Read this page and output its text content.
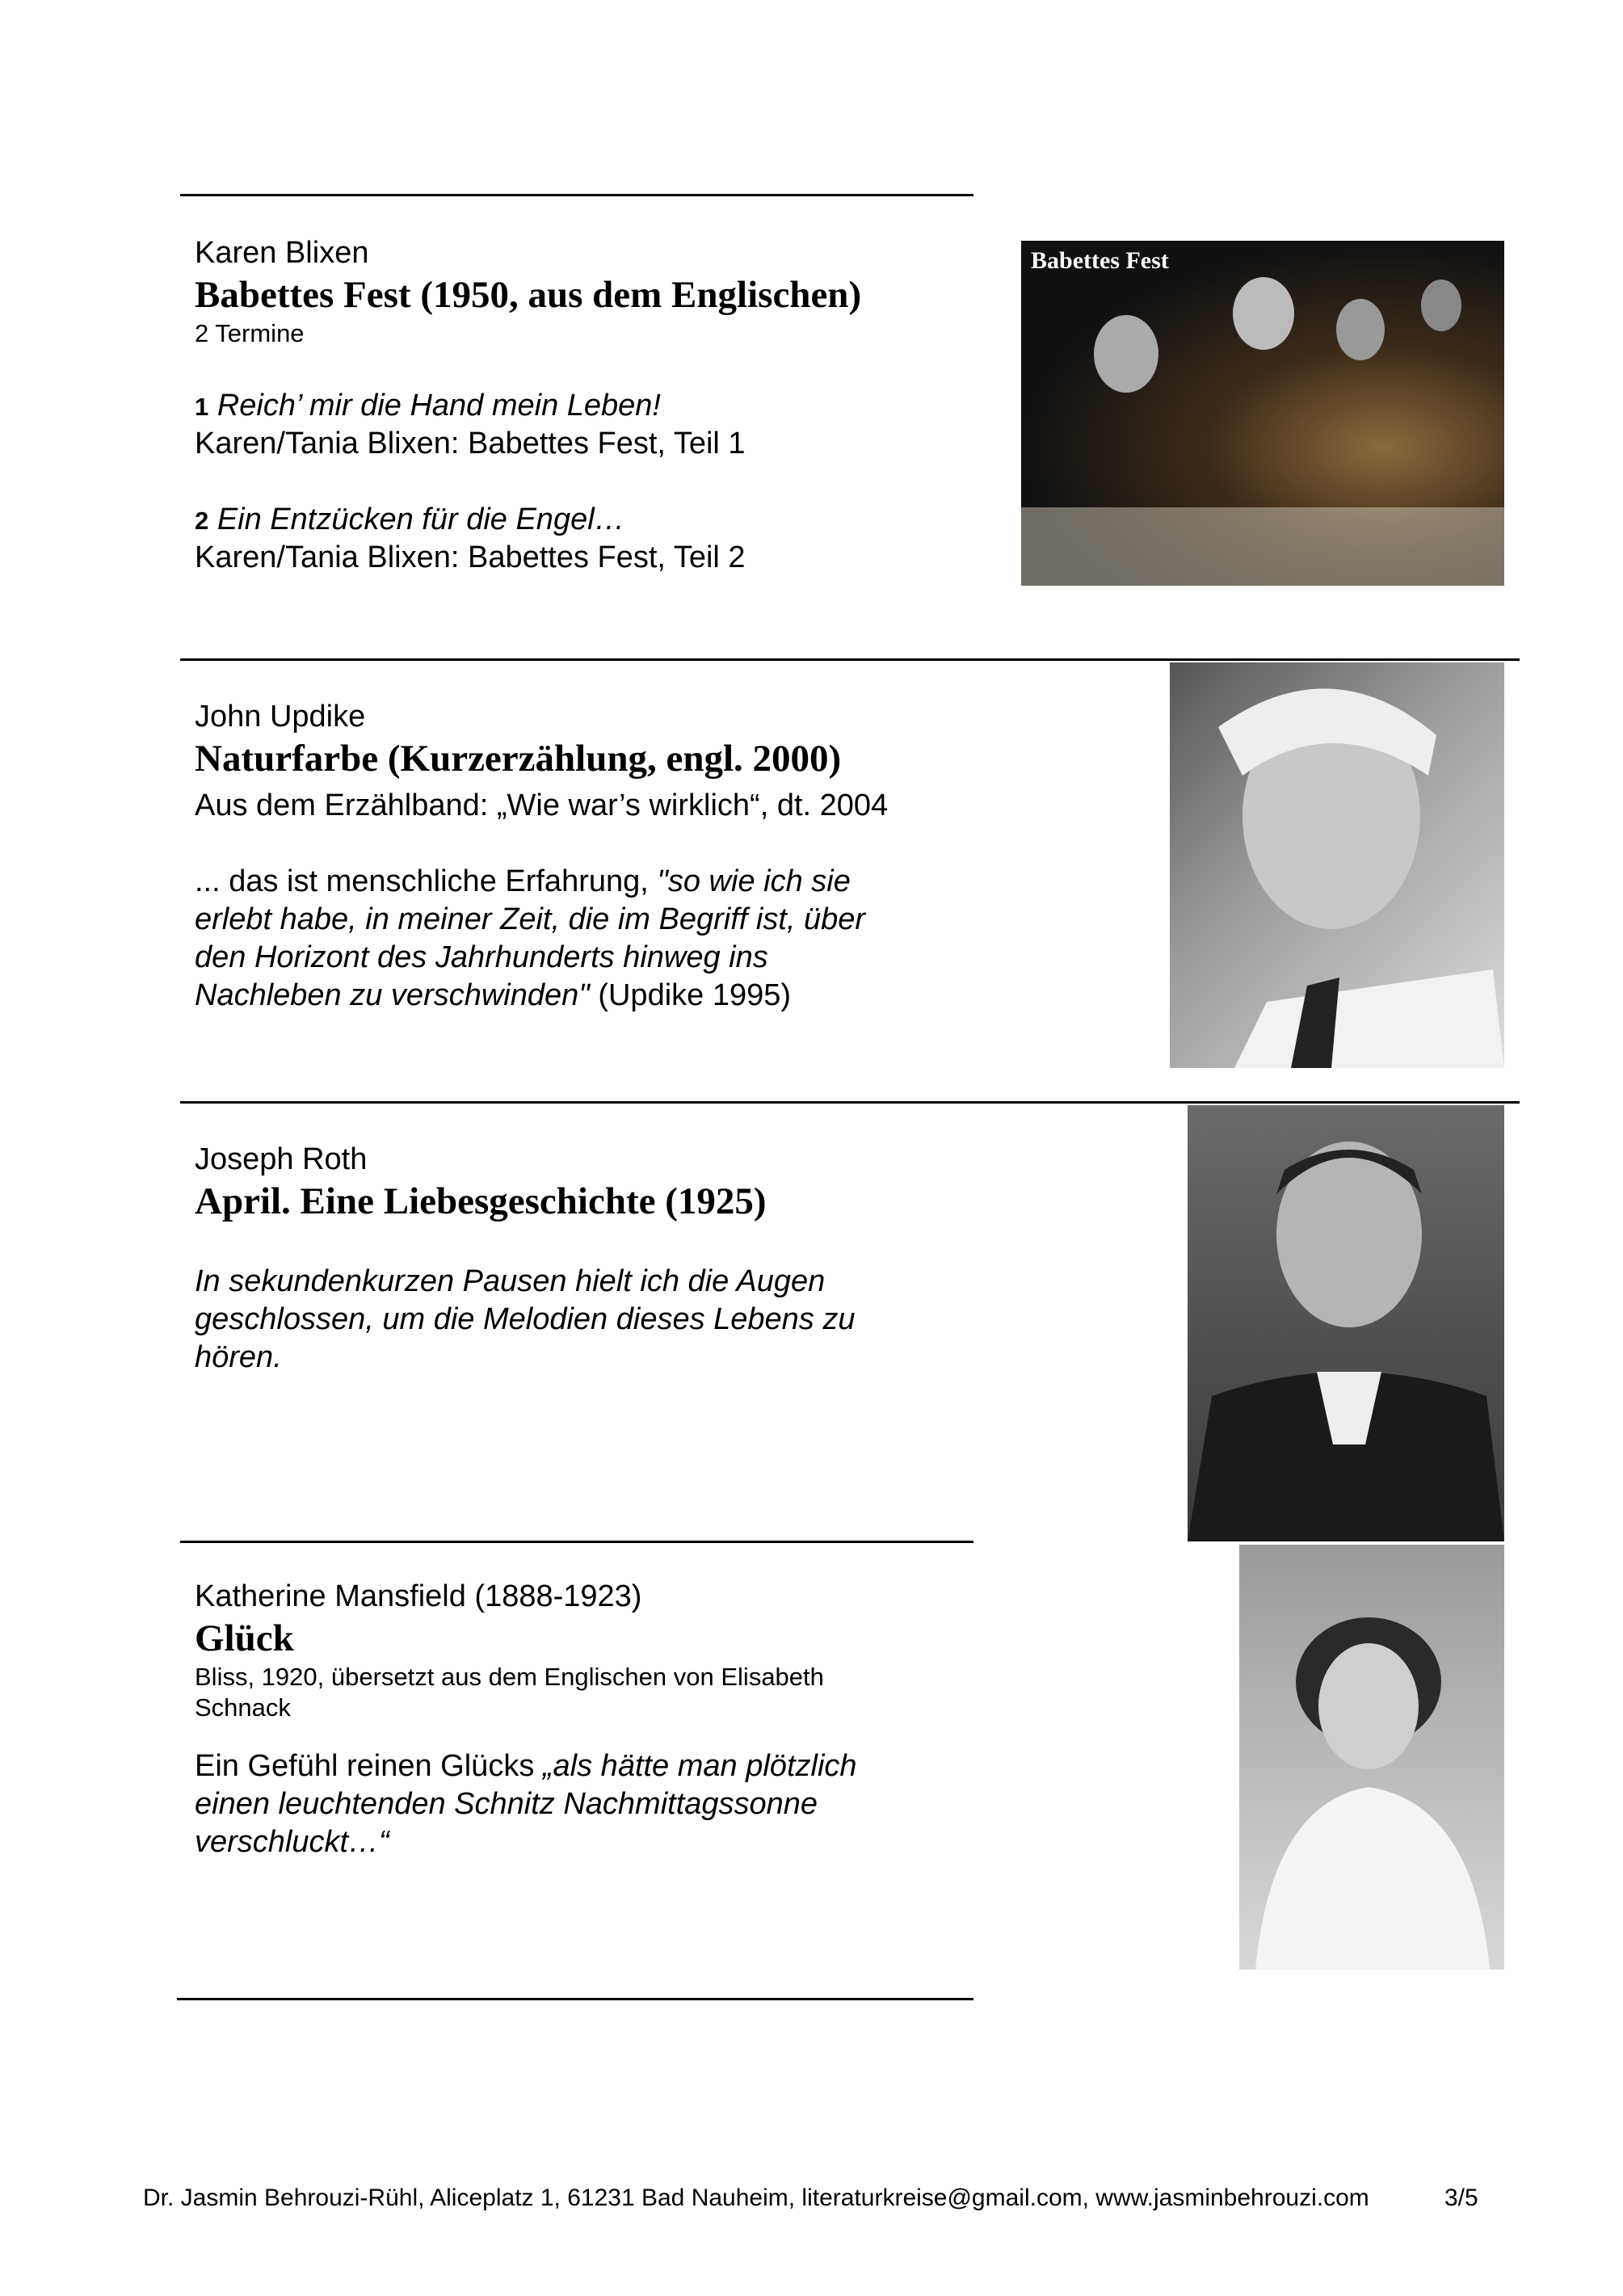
Karen Blixen
Babettes Fest (1950, aus dem Englischen)
2 Termine
1 Reich’ mir die Hand mein Leben!
Karen/Tania Blixen: Babettes Fest, Teil 1
2 Ein Entzücken für die Engel…
Karen/Tania Blixen: Babettes Fest, Teil 2
Babettes Fest
John Updike
Naturfarbe (Kurzerzählung, engl. 2000)
Aus dem Erzählband: „Wie war’s wirklich“, dt. 2004
... das ist menschliche Erfahrung, "so wie ich sie erlebt habe, in meiner Zeit, die im Begriff ist, über den Horizont des Jahrhunderts hinweg ins Nachleben zu verschwinden" (Updike 1995)
Joseph Roth
April. Eine Liebesgeschichte (1925)
In sekundenkurzen Pausen hielt ich die Augen geschlossen, um die Melodien dieses Lebens zu hören.
Katherine Mansfield (1888-1923)
Glück
Bliss, 1920, übersetzt aus dem Englischen von Elisabeth Schnack
Ein Gefühl reinen Glücks „als hätte man plötzlich einen leuchtenden Schnitz Nachmittagssonne verschluckt…“
Dr. Jasmin Behrouzi-Rühl, Aliceplatz 1, 61231 Bad Nauheim, literaturkreise@gmail.com, www.jasminbehrouzi.com	3/5
